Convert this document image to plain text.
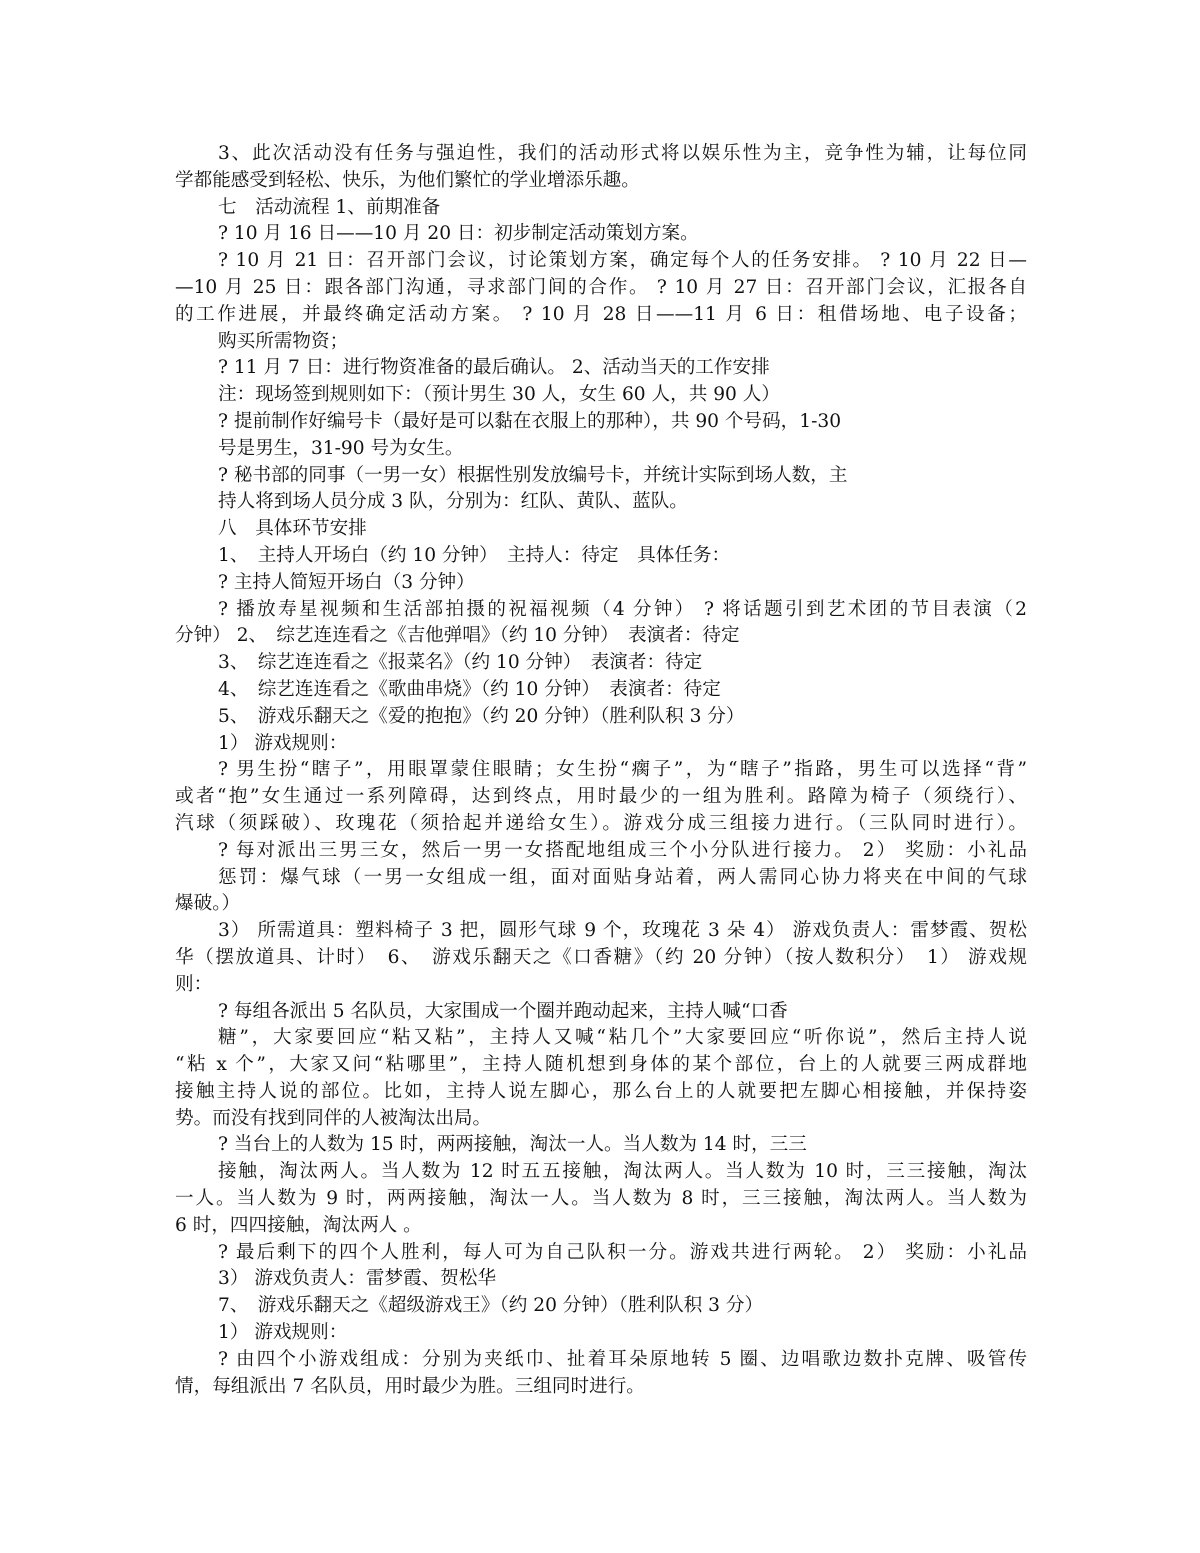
3、此次活动没有任务与强迫性，我们的活动形式将以娱乐性为主，竞争性为辅，让每位同
学都能感受到轻松、快乐，为他们繁忙的学业增添乐趣。
七　活动流程 1、前期准备
? 10 月 16 日——10 月 20 日：初步制定活动策划方案。
? 10 月 21 日：召开部门会议，讨论策划方案，确定每个人的任务安排。 ? 10 月 22 日—
—10 月 25 日：跟各部门沟通，寻求部门间的合作。 ? 10 月 27 日：召开部门会议，汇报各自
的工作进展，并最终确定活动方案。 ? 10 月 28 日——11 月 6 日：租借场地、电子设备；
购买所需物资；
? 11 月 7 日：进行物资准备的最后确认。 2、活动当天的工作安排
注：现场签到规则如下：（预计男生 30 人，女生 60 人，共 90 人）
? 提前制作好编号卡（最好是可以黏在衣服上的那种），共 90 个号码，1-30
号是男生，31-90 号为女生。
? 秘书部的同事（一男一女）根据性别发放编号卡，并统计实际到场人数，主
持人将到场人员分成 3 队，分别为：红队、黄队、蓝队。
八　具体环节安排
1、　主持人开场白（约 10 分钟）　主持人：待定　具体任务：
? 主持人简短开场白（3 分钟）
? 播放寿星视频和生活部拍摄的祝福视频（4 分钟） ? 将话题引到艺术团的节目表演（2
分钟） 2、　综艺连连看之《吉他弹唱》（约 10 分钟）　表演者：待定
3、　综艺连连看之《报菜名》（约 10 分钟）　表演者：待定
4、　综艺连连看之《歌曲串烧》（约 10 分钟）　表演者：待定
5、　游戏乐翻天之《爱的抱抱》（约 20 分钟）（胜利队积 3 分）
1） 游戏规则：
? 男生扮“瞎子”，用眼罩蒙住眼睛；女生扮“瘸子”，为“瞎子”指路，男生可以选择“背”
或者“抱”女生通过一系列障碍，达到终点，用时最少的一组为胜利。路障为椅子（须绕行）、
汽球（须踩破）、玫瑰花（须拾起并递给女生）。游戏分成三组接力进行。（三队同时进行）。
? 每对派出三男三女，然后一男一女搭配地组成三个小分队进行接力。 2） 奖励：小礼品
惩罚：爆气球（一男一女组成一组，面对面贴身站着，两人需同心协力将夹在中间的气球
爆破。）
3） 所需道具：塑料椅子 3 把，圆形气球 9 个，玫瑰花 3 朵 4） 游戏负责人：雷梦霞、贺松
华（摆放道具、计时）　6、　游戏乐翻天之《口香糖》（约 20 分钟）（按人数积分）　1） 游戏规
则：
? 每组各派出 5 名队员，大家围成一个圈并跑动起来，主持人喊“口香
糖”，大家要回应“粘又粘”，主持人又喊“粘几个”大家要回应“听你说”，然后主持人说
“粘 x 个”，大家又问“粘哪里”，主持人随机想到身体的某个部位，台上的人就要三两成群地
接触主持人说的部位。比如，主持人说左脚心，那么台上的人就要把左脚心相接触，并保持姿
势。而没有找到同伴的人被淘汰出局。
? 当台上的人数为 15 时，两两接触，淘汰一人。当人数为 14 时，三三
接触，淘汰两人。当人数为 12 时五五接触，淘汰两人。当人数为 10 时，三三接触，淘汰
一人。当人数为 9 时，两两接触，淘汰一人。当人数为 8 时，三三接触，淘汰两人。当人数为
6 时，四四接触，淘汰两人 。
? 最后剩下的四个人胜利，每人可为自己队积一分。游戏共进行两轮。 2） 奖励：小礼品
3） 游戏负责人：雷梦霞、贺松华
7、　游戏乐翻天之《超级游戏王》（约 20 分钟）（胜利队积 3 分）
1） 游戏规则：
? 由四个小游戏组成：分别为夹纸巾、扯着耳朵原地转 5 圈、边唱歌边数扑克牌、吸管传
情，每组派出 7 名队员，用时最少为胜。三组同时进行。
